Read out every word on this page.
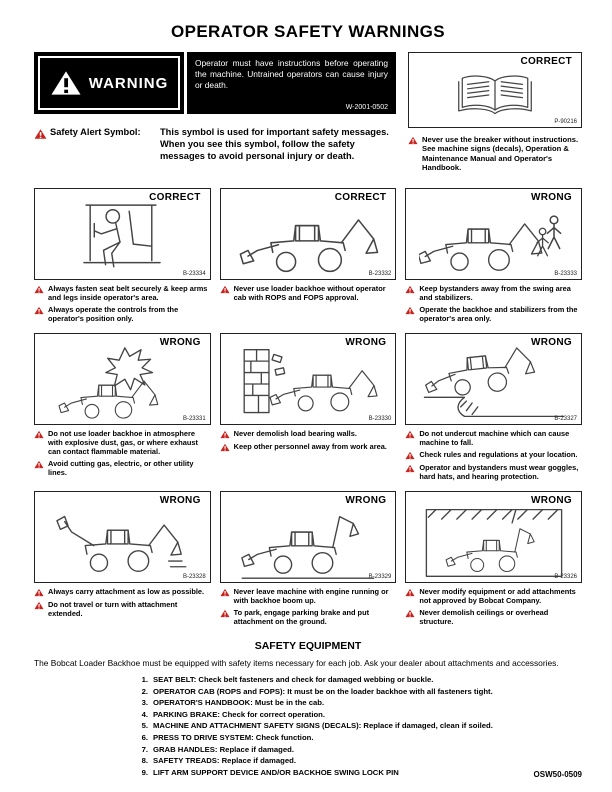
OPERATOR SAFETY WARNINGS
WARNING
Operator must have instructions before operating the machine. Untrained operators can cause injury or death.
W-2001-0502
Safety Alert Symbol:	This symbol is used for important safety messages. When you see this symbol, follow the safety messages to avoid personal injury or death.
CORRECT
P-90216
Never use the breaker without instructions. See machine signs (decals), Operation & Maintenance Manual and Operator's Handbook.
CORRECT
B-23334
Always fasten seat belt securely & keep arms and legs inside operator's area.
Always operate the controls from the operator's position only.
CORRECT
B-23332
Never use loader backhoe without operator cab with ROPS and FOPS approval.
WRONG
B-23333
Keep bystanders away from the swing area and stabilizers.
Operate the backhoe and stabilizers from the operator's area only.
WRONG
B-23331
Do not use loader backhoe in atmosphere with explosive dust, gas, or where exhaust can contact flammable material.
Avoid cutting gas, electric, or other utility lines.
WRONG
B-23330
Never demolish load bearing walls.
Keep other personnel away from work area.
WRONG
B-23327
Do not undercut machine which can cause machine to fall.
Check rules and regulations at your location.
Operator and bystanders must wear goggles, hard hats, and hearing protection.
WRONG
B-23328
Always carry attachment as low as possible.
Do not travel or turn with attachment extended.
WRONG
B-23329
Never leave machine with engine running or with backhoe boom up.
To park, engage parking brake and put attachment on the ground.
WRONG
B-23326
Never modify equipment or add attachments not approved by Bobcat Company.
Never demolish ceilings or overhead structure.
SAFETY EQUIPMENT
The Bobcat Loader Backhoe must be equipped with safety items necessary for each job. Ask your dealer about attachments and accessories.
1. SEAT BELT: Check belt fasteners and check for damaged webbing or buckle.
2. OPERATOR CAB (ROPS and FOPS): It must be on the loader backhoe with all fasteners tight.
3. OPERATOR'S HANDBOOK: Must be in the cab.
4. PARKING BRAKE: Check for correct operation.
5. MACHINE AND ATTACHMENT SAFETY SIGNS (DECALS): Replace if damaged, clean if soiled.
6. PRESS TO DRIVE SYSTEM: Check function.
7. GRAB HANDLES: Replace if damaged.
8. SAFETY TREADS: Replace if damaged.
9. LIFT ARM SUPPORT DEVICE AND/OR BACKHOE SWING LOCK PIN	OSW50-0509
